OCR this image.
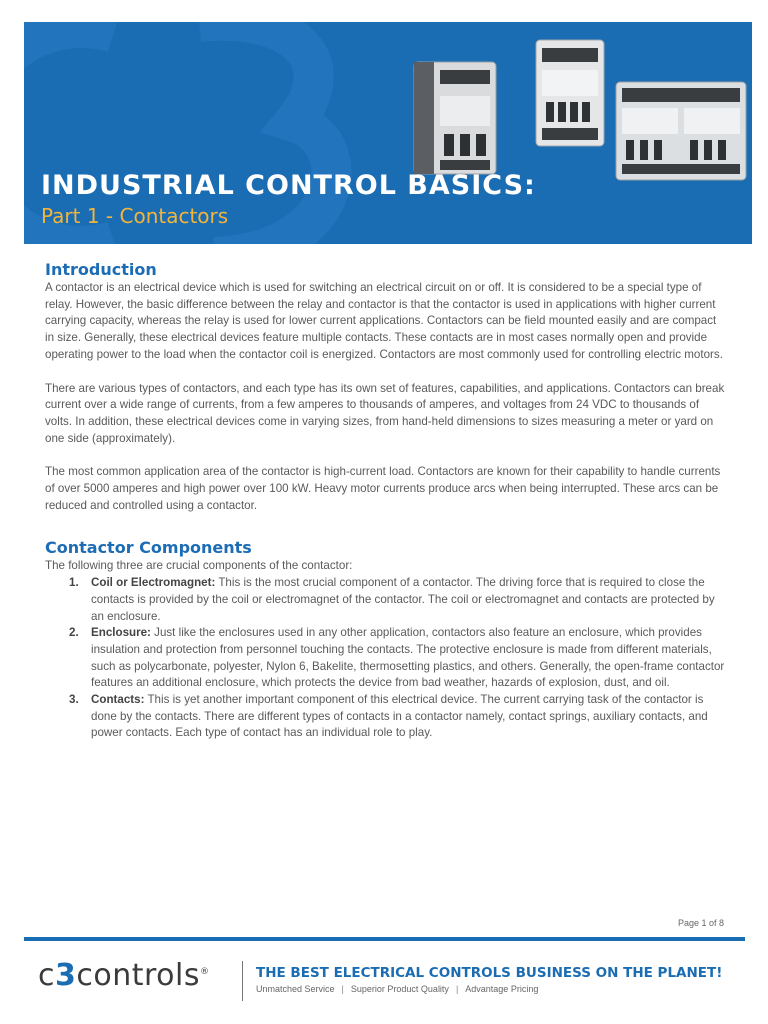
INDUSTRIAL CONTROL BASICS:
Part 1 - Contactors
Introduction

A contactor is an electrical device which is used for switching an electrical circuit on or off. It is considered to be a special type of relay. However, the basic difference between the relay and contactor is that the contactor is used in applications with higher current carrying capacity, whereas the relay is used for lower current applications. Contactors can be field mounted easily and are compact in size. Generally, these electrical devices feature multiple contacts. These contacts are in most cases normally open and provide operating power to the load when the contactor coil is energized. Contactors are most commonly used for controlling electric motors.

There are various types of contactors, and each type has its own set of features, capabilities, and applications. Contactors can break current over a wide range of currents, from a few amperes to thousands of amperes, and voltages from 24 VDC to thousands of volts. In addition, these electrical devices come in varying sizes, from hand-held dimensions to sizes measuring a meter or yard on one side (approximately).

The most common application area of the contactor is high-current load. Contactors are known for their capability to handle currents of over 5000 amperes and high power over 100 kW. Heavy motor currents produce arcs when being interrupted. These arcs can be reduced and controlled using a contactor.

Contactor Components

The following three are crucial components of the contactor:

1. Coil or Electromagnet: This is the most crucial component of a contactor. The driving force that is required to close the contacts is provided by the coil or electromagnet of the contactor. The coil or electromagnet and contacts are protected by an enclosure.
2. Enclosure: Just like the enclosures used in any other application, contactors also feature an enclosure, which provides insulation and protection from personnel touching the contacts. The protective enclosure is made from different materials, such as polycarbonate, polyester, Nylon 6, Bakelite, thermosetting plastics, and others. Generally, the open-frame contactor features an additional enclosure, which protects the device from bad weather, hazards of explosion, dust, and oil.
3. Contacts: This is yet another important component of this electrical device. The current carrying task of the contactor is done by the contacts. There are different types of contacts in a contactor namely, contact springs, auxiliary contacts, and power contacts. Each type of contact has an individual role to play.
Page 1 of 8
c3controls®	THE BEST ELECTRICAL CONTROLS BUSINESS ON THE PLANET!
Unmatched Service | Superior Product Quality | Advantage Pricing
